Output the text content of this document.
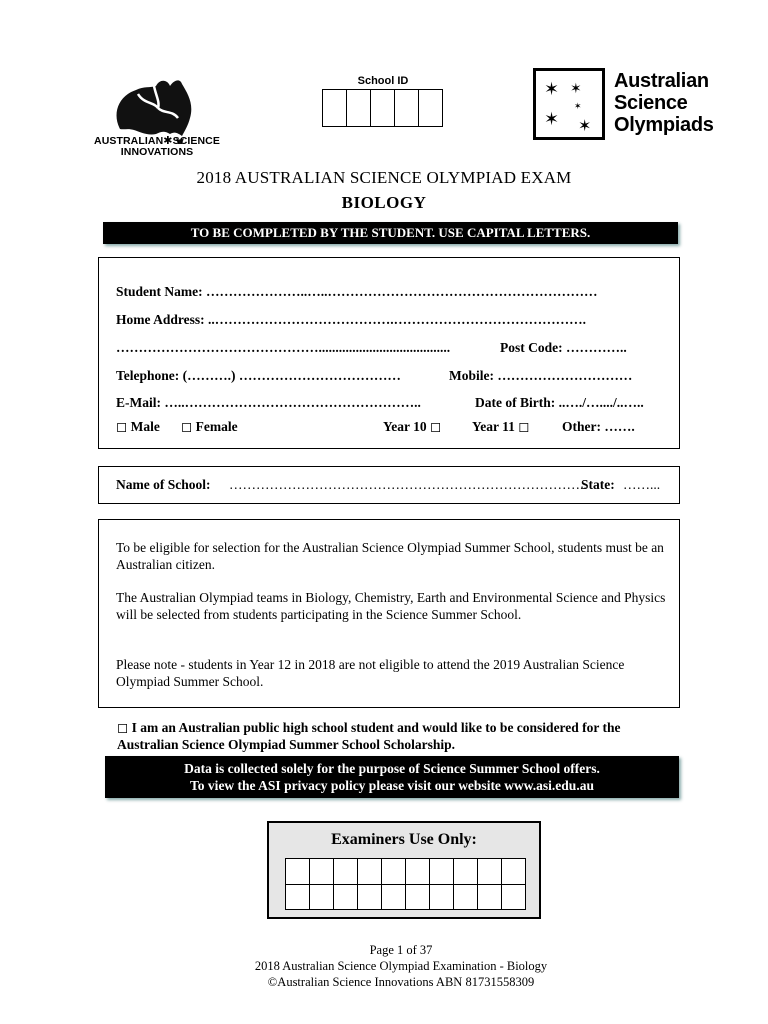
AUSTRALIAN✱SCIENCE
INNOVATIONS
School ID	✶ ✶
✶
✶ ✶
Australian
Science
Olympiads
2018 AUSTRALIAN SCIENCE OLYMPIAD EXAM
BIOLOGY
TO BE COMPLETED BY THE STUDENT. USE CAPITAL LETTERS.
Student Name: …………………..…..……………………………………………………
Home Address: ..………………………………….…………………………………….
……………………………………….......................................	Post Code: …………..
Telephone: (……….) ………………………………	Mobile: …………………………
E-Mail: …..……………………………………………..	Date of Birth: ..…./…..../..…..
◻ Male ◻ Female	Year 10 ◻ Year 11 ◻ Other: …….
Name of School: ……………………………………………………………………..
State: ……...

To be eligible for selection for the Australian Science Olympiad Summer School, students must be an Australian citizen.

The Australian Olympiad teams in Biology, Chemistry, Earth and Environmental Science and Physics will be selected from students participating in the Science Summer School.

Please note - students in Year 12 in 2018 are not eligible to attend the 2019 Australian Science Olympiad Summer School.

◻ I am an Australian public high school student and would like to be considered for the Australian Science Olympiad Summer School Scholarship.
Data is collected solely for the purpose of Science Summer School offers.
To view the ASI privacy policy please visit our website www.asi.edu.au
Examiners Use Only:
Page 1 of 37
2018 Australian Science Olympiad Examination - Biology
©Australian Science Innovations ABN 81731558309
